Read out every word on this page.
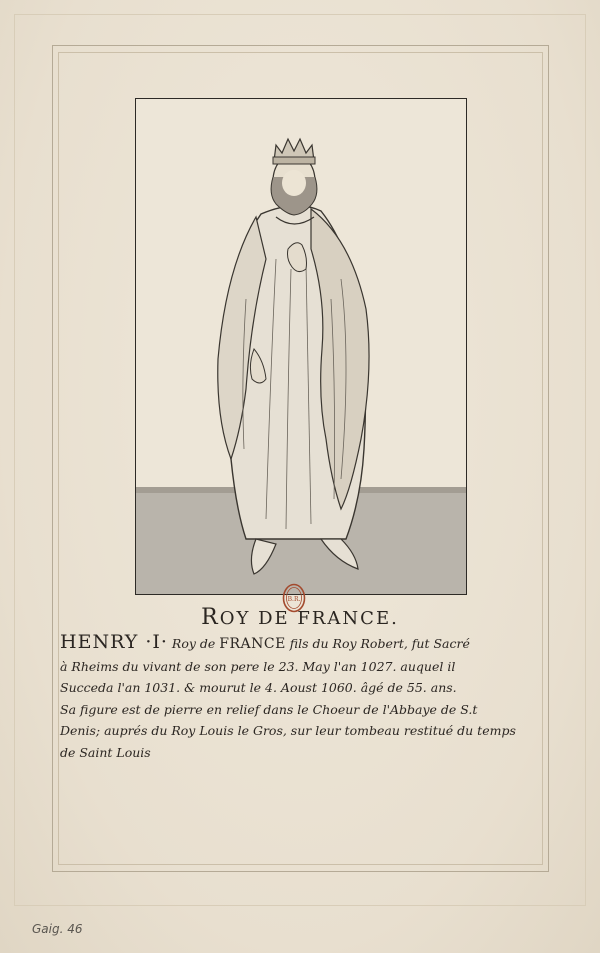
B.R.
ROY DE FRANCE.
HENRY ·I· Roy de FRANCE fils du Roy Robert, fut Sacré
à Rheims du vivant de son pere le 23. May l'an 1027. auquel il
Succeda l'an 1031. & mourut le 4. Aoust 1060. âgé de 55. ans.
Sa figure est de pierre en relief dans le Choeur de l'Abbaye de S.t
Denis; auprés du Roy Louis le Gros, sur leur tombeau restitué du temps
de Saint Louis
Gaig. 46
